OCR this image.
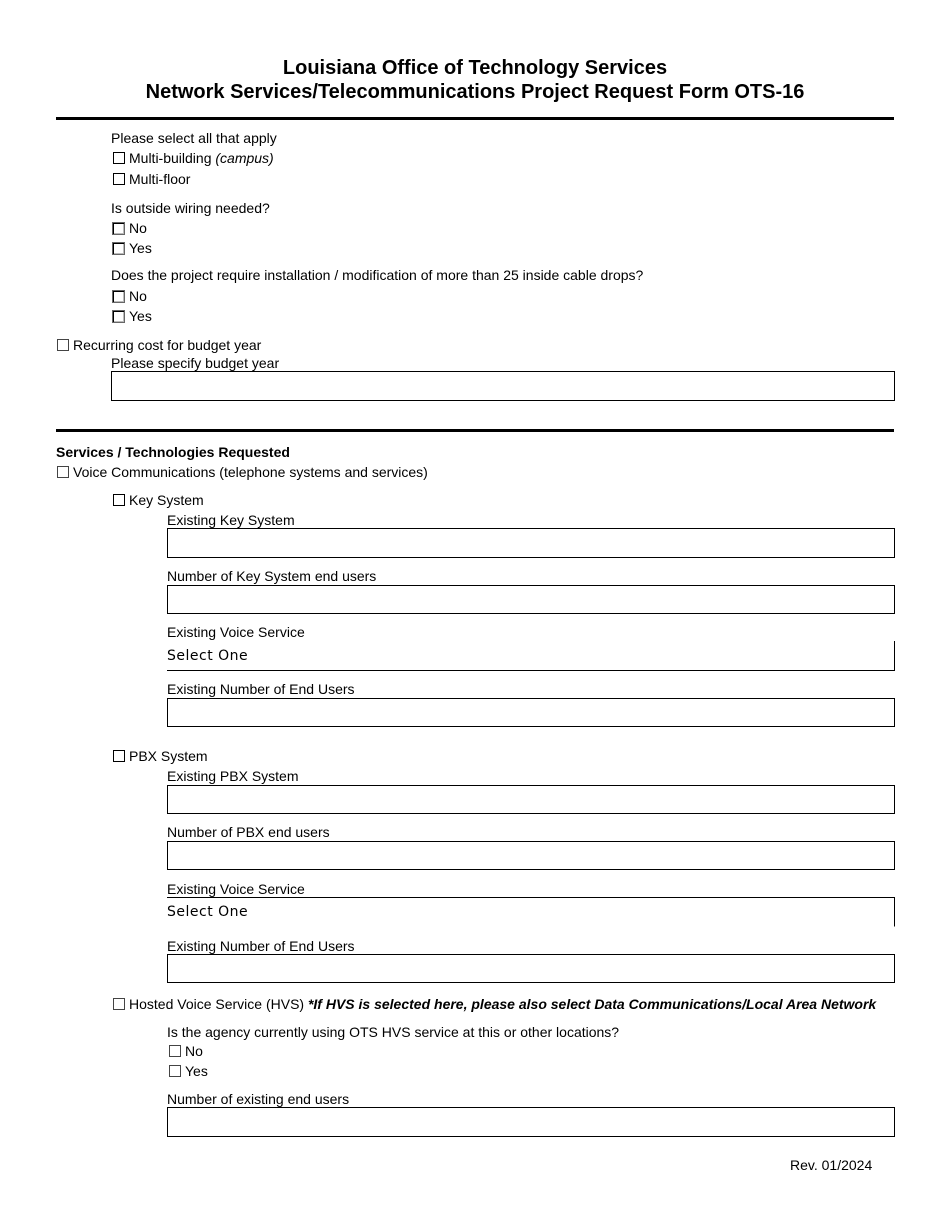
Louisiana Office of Technology Services
Network Services/Telecommunications Project Request Form OTS-16
Please select all that apply
Multi-building (campus)
Multi-floor
Is outside wiring needed?
No
Yes
Does the project require installation / modification of more than 25 inside cable drops?
No
Yes
Recurring cost for budget year
Please specify budget year
Services / Technologies Requested
Voice Communications (telephone systems and services)
Key System
Existing Key System
Number of Key System end users
Existing Voice Service
Select One
Existing Number of End Users
PBX System
Existing PBX System
Number of PBX end users
Existing Voice Service
Select One
Existing Number of End Users
Hosted Voice Service (HVS) *If HVS is selected here, please also select Data Communications/Local Area Network
Is the agency currently using OTS HVS service at this or other locations?
No
Yes
Number of existing end users
Rev. 01/2024
